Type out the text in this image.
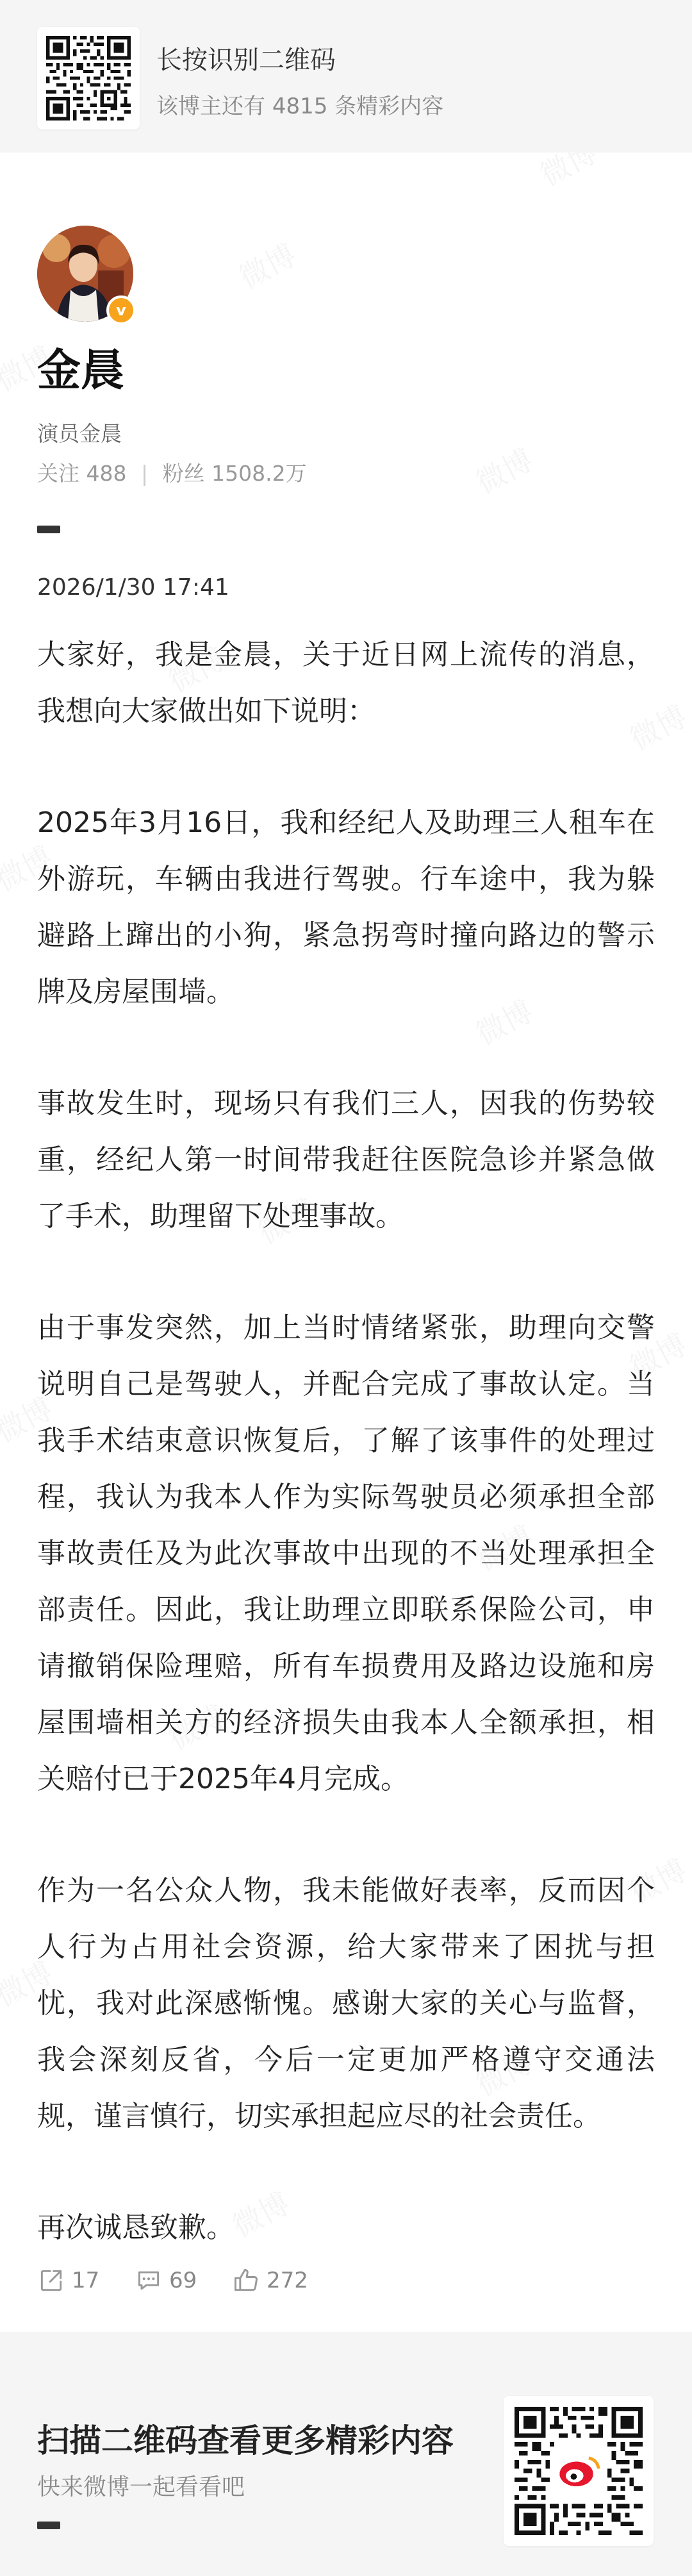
长按识别二维码
该博主还有 4815 条精彩内容
v
金晨
演员金晨
关注 488 | 粉丝 1508.2万
2026/1/30 17:41

大家好，我是金晨，关于近日网上流传的消息，我想向大家做出如下说明：

2025年3月16日，我和经纪人及助理三人租车在外游玩，车辆由我进行驾驶。行车途中，我为躲避路上蹿出的小狗，紧急拐弯时撞向路边的警示牌及房屋围墙。

事故发生时，现场只有我们三人，因我的伤势较重，经纪人第一时间带我赶往医院急诊并紧急做了手术，助理留下处理事故。

由于事发突然，加上当时情绪紧张，助理向交警说明自己是驾驶人，并配合完成了事故认定。当我手术结束意识恢复后，了解了该事件的处理过程，我认为我本人作为实际驾驶员必须承担全部事故责任及为此次事故中出现的不当处理承担全部责任。因此，我让助理立即联系保险公司，申请撤销保险理赔，所有车损费用及路边设施和房屋围墙相关方的经济损失由我本人全额承担，相关赔付已于2025年4月完成。

作为一名公众人物，我未能做好表率，反而因个人行为占用社会资源，给大家带来了困扰与担忧，我对此深感惭愧。感谢大家的关心与监督，我会深刻反省，今后一定更加严格遵守交通法规，谨言慎行，切实承担起应尽的社会责任。

再次诚恳致歉。

17	69	272
扫描二维码查看更多精彩内容
快来微博一起看看吧
